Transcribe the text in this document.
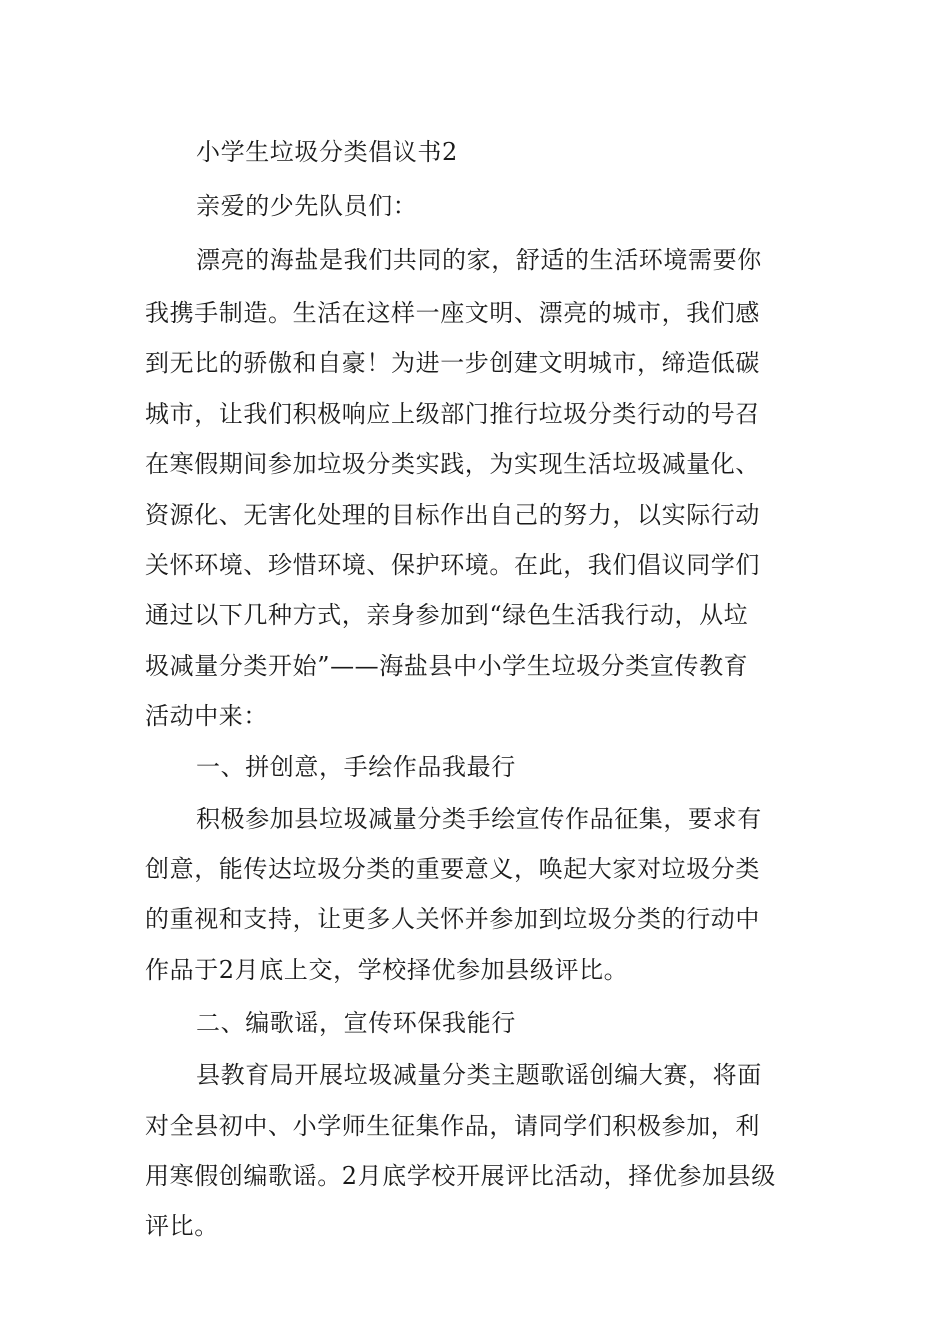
小学生垃圾分类倡议书2
亲爱的少先队员们：
漂亮的海盐是我们共同的家，舒适的生活环境需要你
我携手制造。生活在这样一座文明、漂亮的城市，我们感
到无比的骄傲和自豪！为进一步创建文明城市，缔造低碳
城市，让我们积极响应上级部门推行垃圾分类行动的号召
在寒假期间参加垃圾分类实践，为实现生活垃圾减量化、
资源化、无害化处理的目标作出自己的努力，以实际行动
关怀环境、珍惜环境、保护环境。在此，我们倡议同学们
通过以下几种方式，亲身参加到“绿色生活我行动，从垃
圾减量分类开始”——海盐县中小学生垃圾分类宣传教育
活动中来：
一、拼创意，手绘作品我最行
积极参加县垃圾减量分类手绘宣传作品征集，要求有
创意，能传达垃圾分类的重要意义，唤起大家对垃圾分类
的重视和支持，让更多人关怀并参加到垃圾分类的行动中
作品于2月底上交，学校择优参加县级评比。
二、编歌谣，宣传环保我能行
县教育局开展垃圾减量分类主题歌谣创编大赛，将面
对全县初中、小学师生征集作品，请同学们积极参加，利
用寒假创编歌谣。2月底学校开展评比活动，择优参加县级
评比。
